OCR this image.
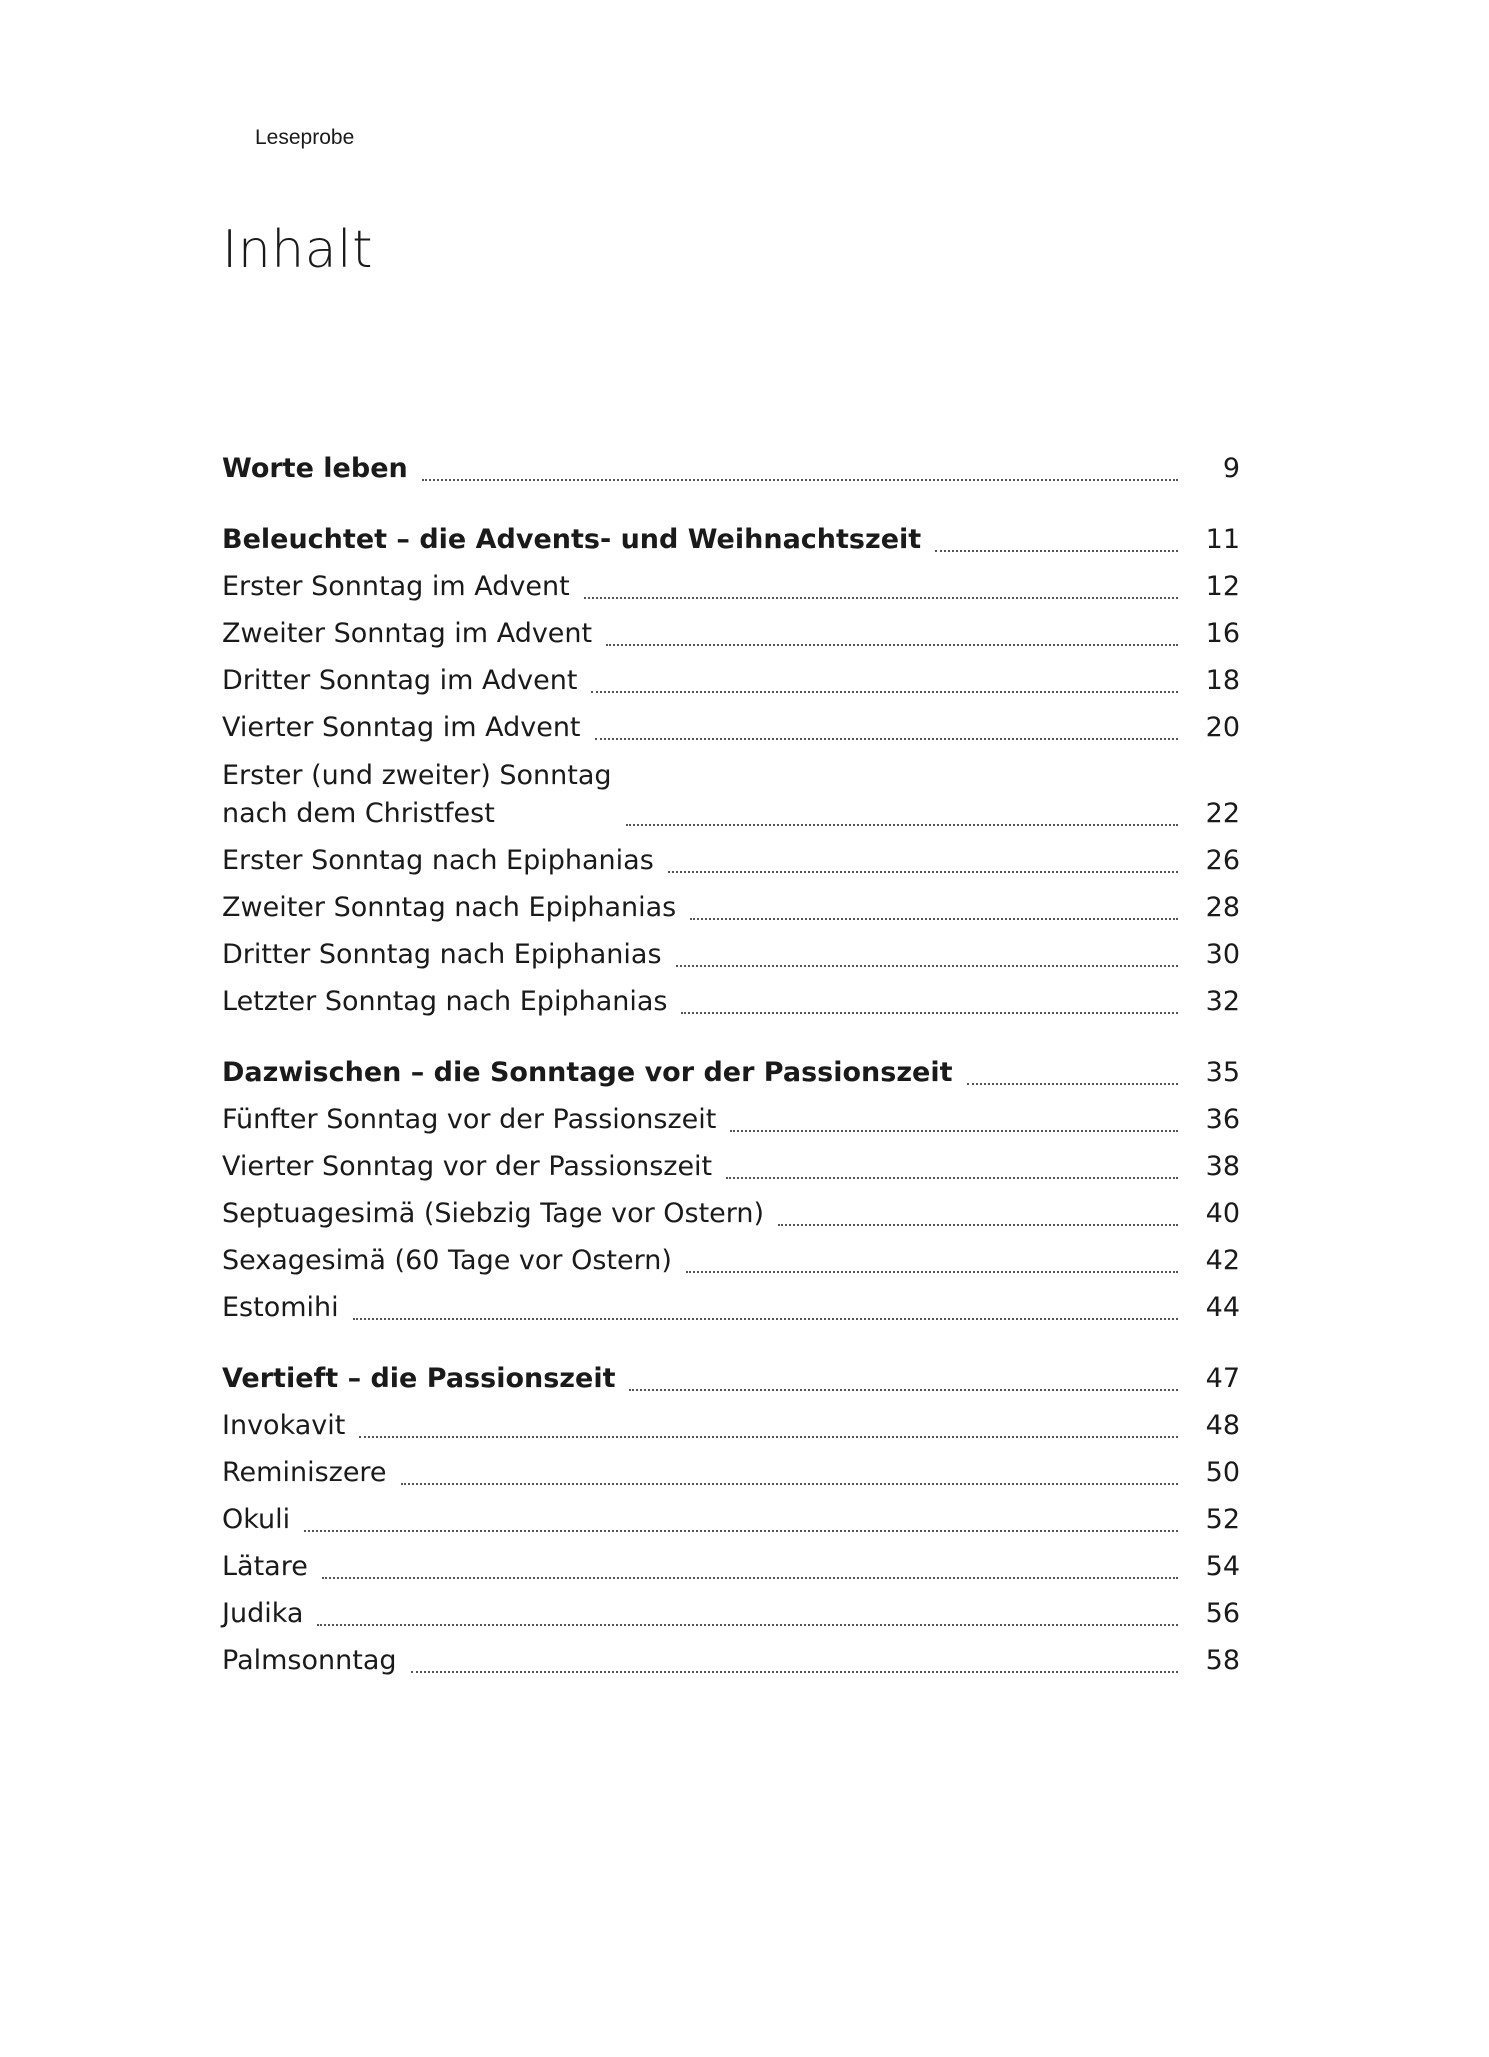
Leseprobe
Inhalt
Worte leben	9
Beleuchtet – die Advents- und Weihnachtszeit	11
Erster Sonntag im Advent	12
Zweiter Sonntag im Advent	16
Dritter Sonntag im Advent	18
Vierter Sonntag im Advent	20
Erster (und zweiter) Sonntag
nach dem Christfest	22
Erster Sonntag nach Epiphanias	26
Zweiter Sonntag nach Epiphanias	28
Dritter Sonntag nach Epiphanias	30
Letzter Sonntag nach Epiphanias	32
Dazwischen – die Sonntage vor der Passionszeit	35
Fünfter Sonntag vor der Passionszeit	36
Vierter Sonntag vor der Passionszeit	38
Septuagesimä (Siebzig Tage vor Ostern)	40
Sexagesimä (60 Tage vor Ostern)	42
Estomihi	44
Vertieft – die Passionszeit	47
Invokavit	48
Reminiszere	50
Okuli	52
Lätare	54
Judika	56
Palmsonntag	58
